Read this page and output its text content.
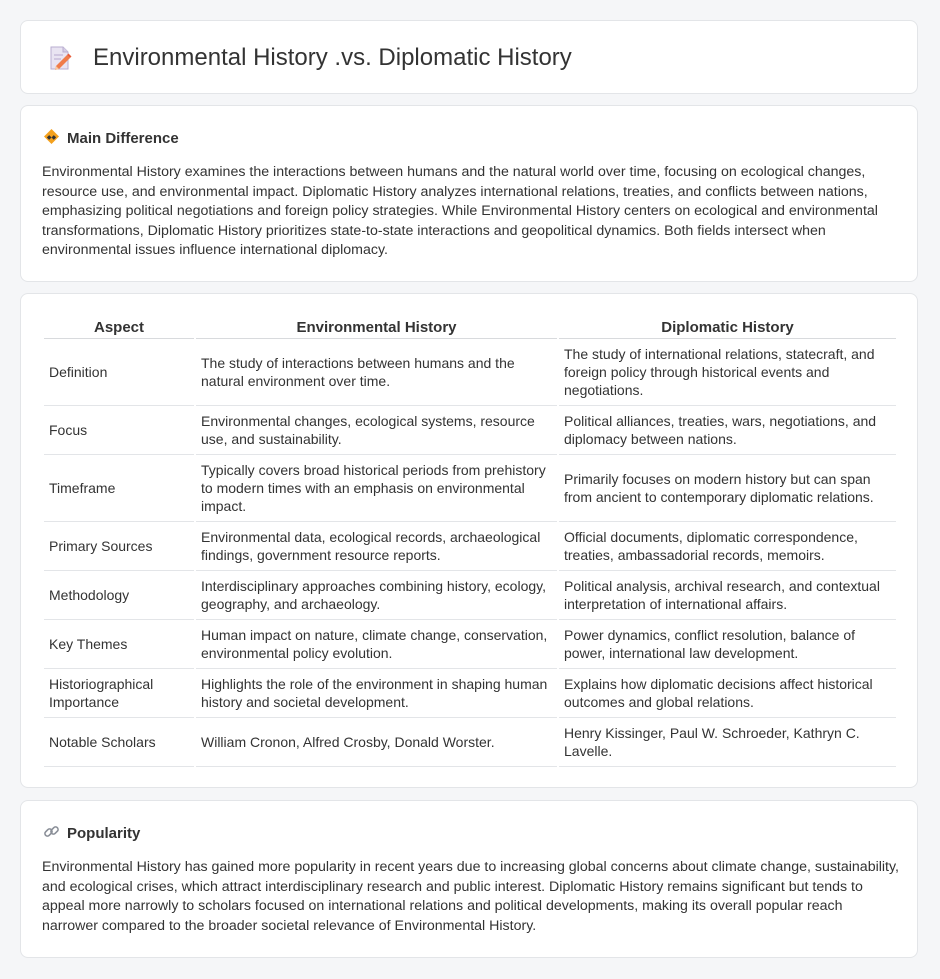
Environmental History .vs. Diplomatic History
◆◆ Main Difference

Environmental History examines the interactions between humans and the natural world over time, focusing on ecological changes, resource use, and environmental impact. Diplomatic History analyzes international relations, treaties, and conflicts between nations, emphasizing political negotiations and foreign policy strategies. While Environmental History centers on ecological and environmental transformations, Diplomatic History prioritizes state-to-state interactions and geopolitical dynamics. Both fields intersect when environmental issues influence international diplomacy.

Aspect	Environmental History	Diplomatic History
Definition	The study of interactions between humans and the natural environment over time.	The study of international relations, statecraft, and foreign policy through historical events and negotiations.
Focus	Environmental changes, ecological systems, resource use, and sustainability.	Political alliances, treaties, wars, negotiations, and diplomacy between nations.
Timeframe	Typically covers broad historical periods from prehistory to modern times with an emphasis on environmental impact.	Primarily focuses on modern history but can span from ancient to contemporary diplomatic relations.
Primary Sources	Environmental data, ecological records, archaeological findings, government resource reports.	Official documents, diplomatic correspondence, treaties, ambassadorial records, memoirs.
Methodology	Interdisciplinary approaches combining history, ecology, geography, and archaeology.	Political analysis, archival research, and contextual interpretation of international affairs.
Key Themes	Human impact on nature, climate change, conservation, environmental policy evolution.	Power dynamics, conflict resolution, balance of power, international law development.
Historiographical Importance	Highlights the role of the environment in shaping human history and societal development.	Explains how diplomatic decisions affect historical outcomes and global relations.
Notable Scholars	William Cronon, Alfred Crosby, Donald Worster.	Henry Kissinger, Paul W. Schroeder, Kathryn C. Lavelle.
Popularity

Environmental History has gained more popularity in recent years due to increasing global concerns about climate change, sustainability, and ecological crises, which attract interdisciplinary research and public interest. Diplomatic History remains significant but tends to appeal more narrowly to scholars focused on international relations and political developments, making its overall popular reach narrower compared to the broader societal relevance of Environmental History.
